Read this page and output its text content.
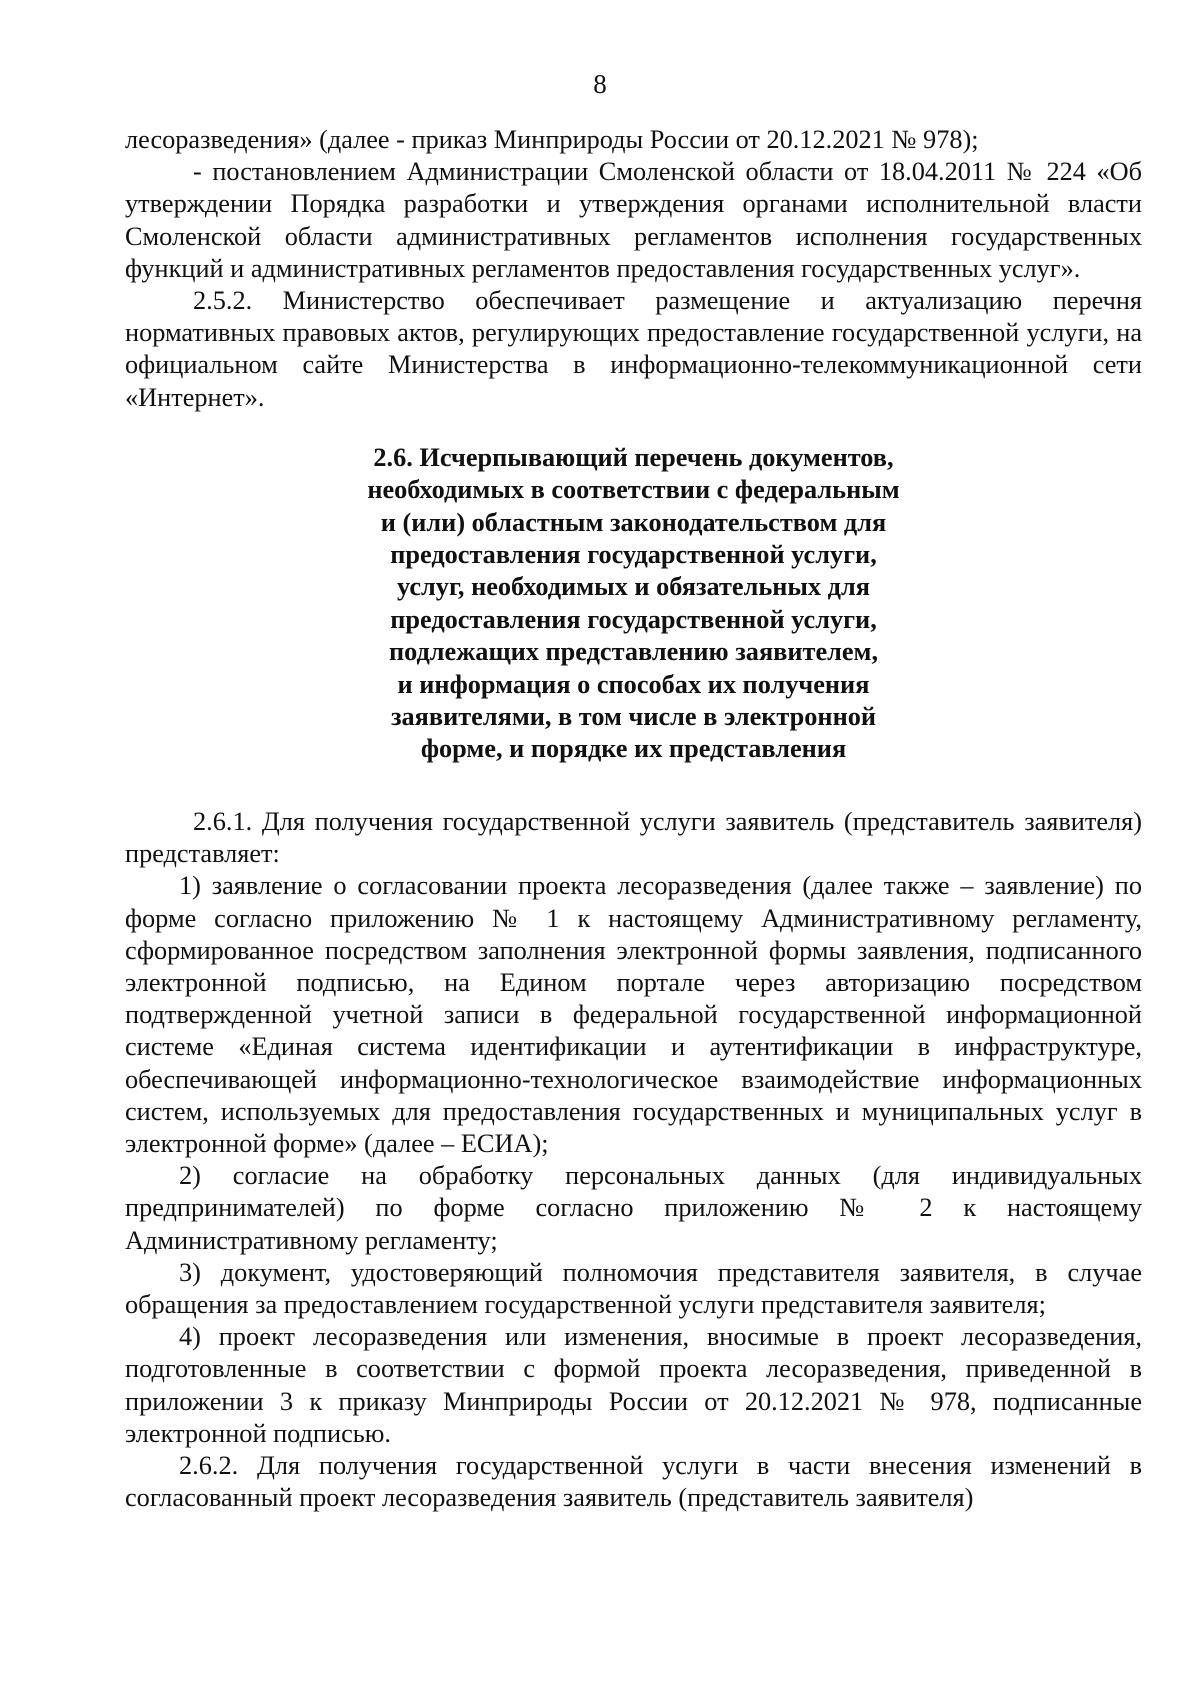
8

лесоразведения» (далее - приказ Минприроды России от 20.12.2021 № 978);

- постановлением Администрации Смоленской области от 18.04.2011 № 224 «Об утверждении Порядка разработки и утверждения органами исполнительной власти Смоленской области административных регламентов исполнения государственных функций и административных регламентов предоставления государственных услуг».

2.5.2. Министерство обеспечивает размещение и актуализацию перечня нормативных правовых актов, регулирующих предоставление государственной услуги, на официальном сайте Министерства в информационно-телекоммуникационной сети «Интернет».

2.6. Исчерпывающий перечень документов,
необходимых в соответствии с федеральным
и (или) областным законодательством для
предоставления государственной услуги,
услуг, необходимых и обязательных для
предоставления государственной услуги,
подлежащих представлению заявителем,
и информация о способах их получения
заявителями, в том числе в электронной
форме, и порядке их представления

2.6.1. Для получения государственной услуги заявитель (представитель заявителя) представляет:

1) заявление о согласовании проекта лесоразведения (далее также – заявление) по форме согласно приложению № 1 к настоящему Административному регламенту, сформированное посредством заполнения электронной формы заявления, подписанного электронной подписью, на Едином портале через авторизацию посредством подтвержденной учетной записи в федеральной государственной информационной системе «Единая система идентификации и аутентификации в инфраструктуре, обеспечивающей информационно-технологическое взаимодействие информационных систем, используемых для предоставления государственных и муниципальных услуг в электронной форме» (далее – ЕСИА);

2) согласие на обработку персональных данных (для индивидуальных предпринимателей) по форме согласно приложению № 2 к настоящему Административному регламенту;

3) документ, удостоверяющий полномочия представителя заявителя, в случае обращения за предоставлением государственной услуги представителя заявителя;

4) проект лесоразведения или изменения, вносимые в проект лесоразведения, подготовленные в соответствии с формой проекта лесоразведения, приведенной в приложении 3 к приказу Минприроды России от 20.12.2021 № 978, подписанные электронной подписью.

2.6.2. Для получения государственной услуги в части внесения изменений в согласованный проект лесоразведения заявитель (представитель заявителя)
